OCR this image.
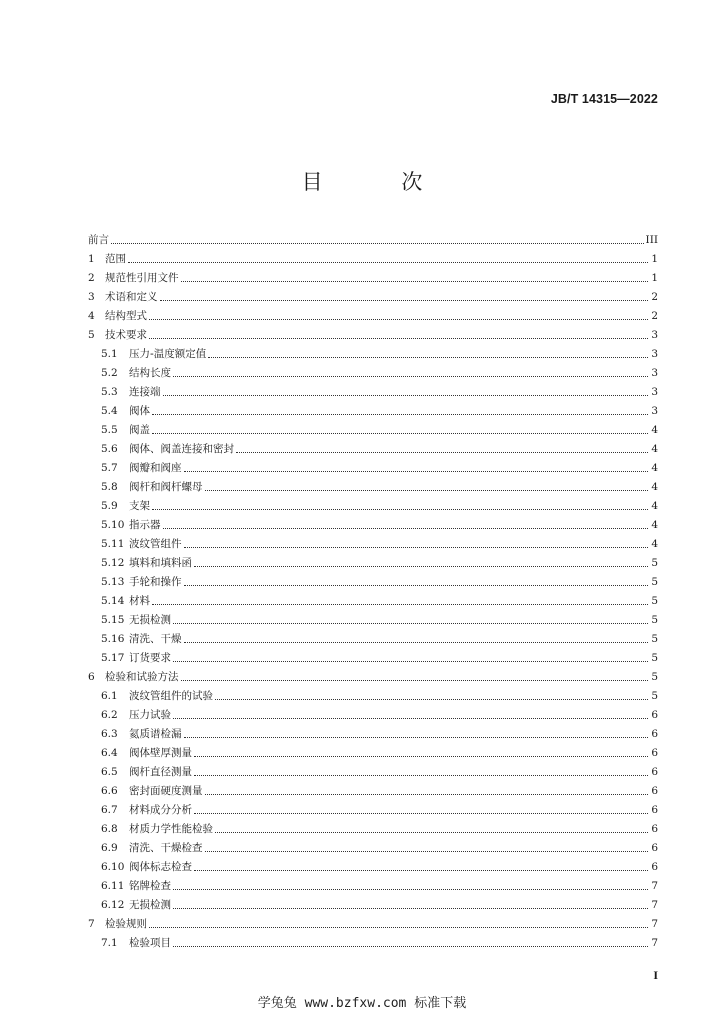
JB/T 14315—2022
目 次
前言	III
1 范围	1
2 规范性引用文件	1
3 术语和定义	2
4 结构型式	2
5 技术要求	3
5.1	压力-温度额定值	3
5.2	结构长度	3
5.3	连接端	3
5.4	阀体	3
5.5	阀盖	4
5.6	阀体、阀盖连接和密封	4
5.7	阀瓣和阀座	4
5.8	阀杆和阀杆螺母	4
5.9	支架	4
5.10 指示器	4
5.11 波纹管组件	4
5.12 填料和填料函	5
5.13 手轮和操作	5
5.14 材料	5
5.15 无损检测	5
5.16 清洗、干燥	5
5.17 订货要求	5
6 检验和试验方法	5
6.1	波纹管组件的试验	5
6.2	压力试验	6
6.3	氦质谱检漏	6
6.4	阀体壁厚测量	6
6.5	阀杆直径测量	6
6.6	密封面硬度测量	6
6.7	材料成分分析	6
6.8	材质力学性能检验	6
6.9	清洗、干燥检查	6
6.10 阀体标志检查	6
6.11 铭牌检查	7
6.12 无损检测	7
7 检验规则	7
7.1	检验项目	7
I
学兔兔 www.bzfxw.com 标准下载
